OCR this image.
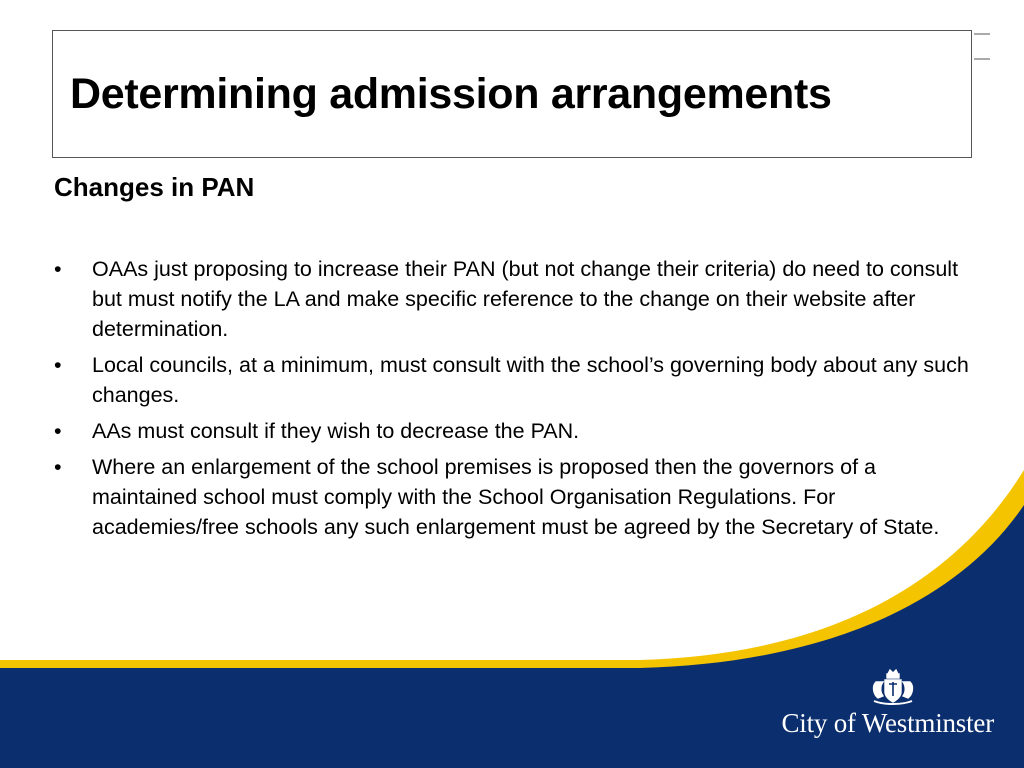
Determining admission arrangements
Changes in PAN
• OAAs just proposing to increase their PAN (but not change their criteria) do need to consult but must notify the LA and make specific reference to the change on their website after determination.
• Local councils, at a minimum, must consult with the school’s governing body about any such changes.
• AAs must consult if they wish to decrease the PAN.
• Where an enlargement of the school premises is proposed then the governors of a maintained school must comply with the School Organisation Regulations. For academies/free schools any such enlargement must be agreed by the Secretary of State.

City of Westminster
